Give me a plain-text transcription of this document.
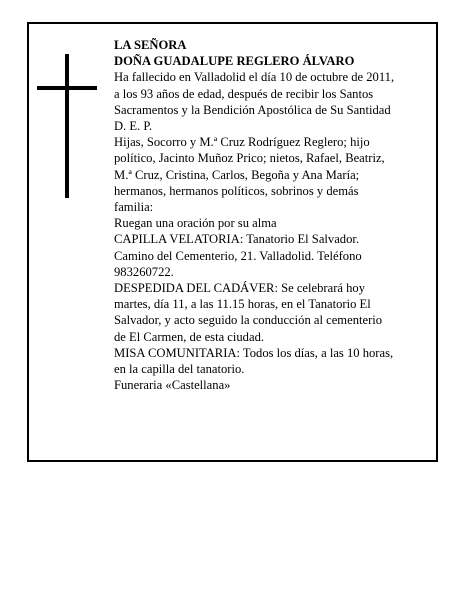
LA SEÑORA
DOÑA GUADALUPE REGLERO ÁLVARO
Ha fallecido en Valladolid el día 10 de octubre de 2011,
a los 93 años de edad, después de recibir los Santos
Sacramentos y la Bendición Apostólica de Su Santidad
D. E. P.
Hijas, Socorro y M.ª Cruz Rodríguez Reglero; hijo
político, Jacinto Muñoz Prico; nietos, Rafael, Beatriz,
M.ª Cruz, Cristina, Carlos, Begoña y Ana María;
hermanos, hermanos políticos, sobrinos y demás
familia:
Ruegan una oración por su alma
CAPILLA VELATORIA: Tanatorio El Salvador.
Camino del Cementerio, 21. Valladolid. Teléfono
983260722.
DESPEDIDA DEL CADÁVER: Se celebrará hoy
martes, día 11, a las 11.15 horas, en el Tanatorio El
Salvador, y acto seguido la conducción al cementerio
de El Carmen, de esta ciudad.
MISA COMUNITARIA: Todos los días, a las 10 horas,
en la capilla del tanatorio.
Funeraria «Castellana»
